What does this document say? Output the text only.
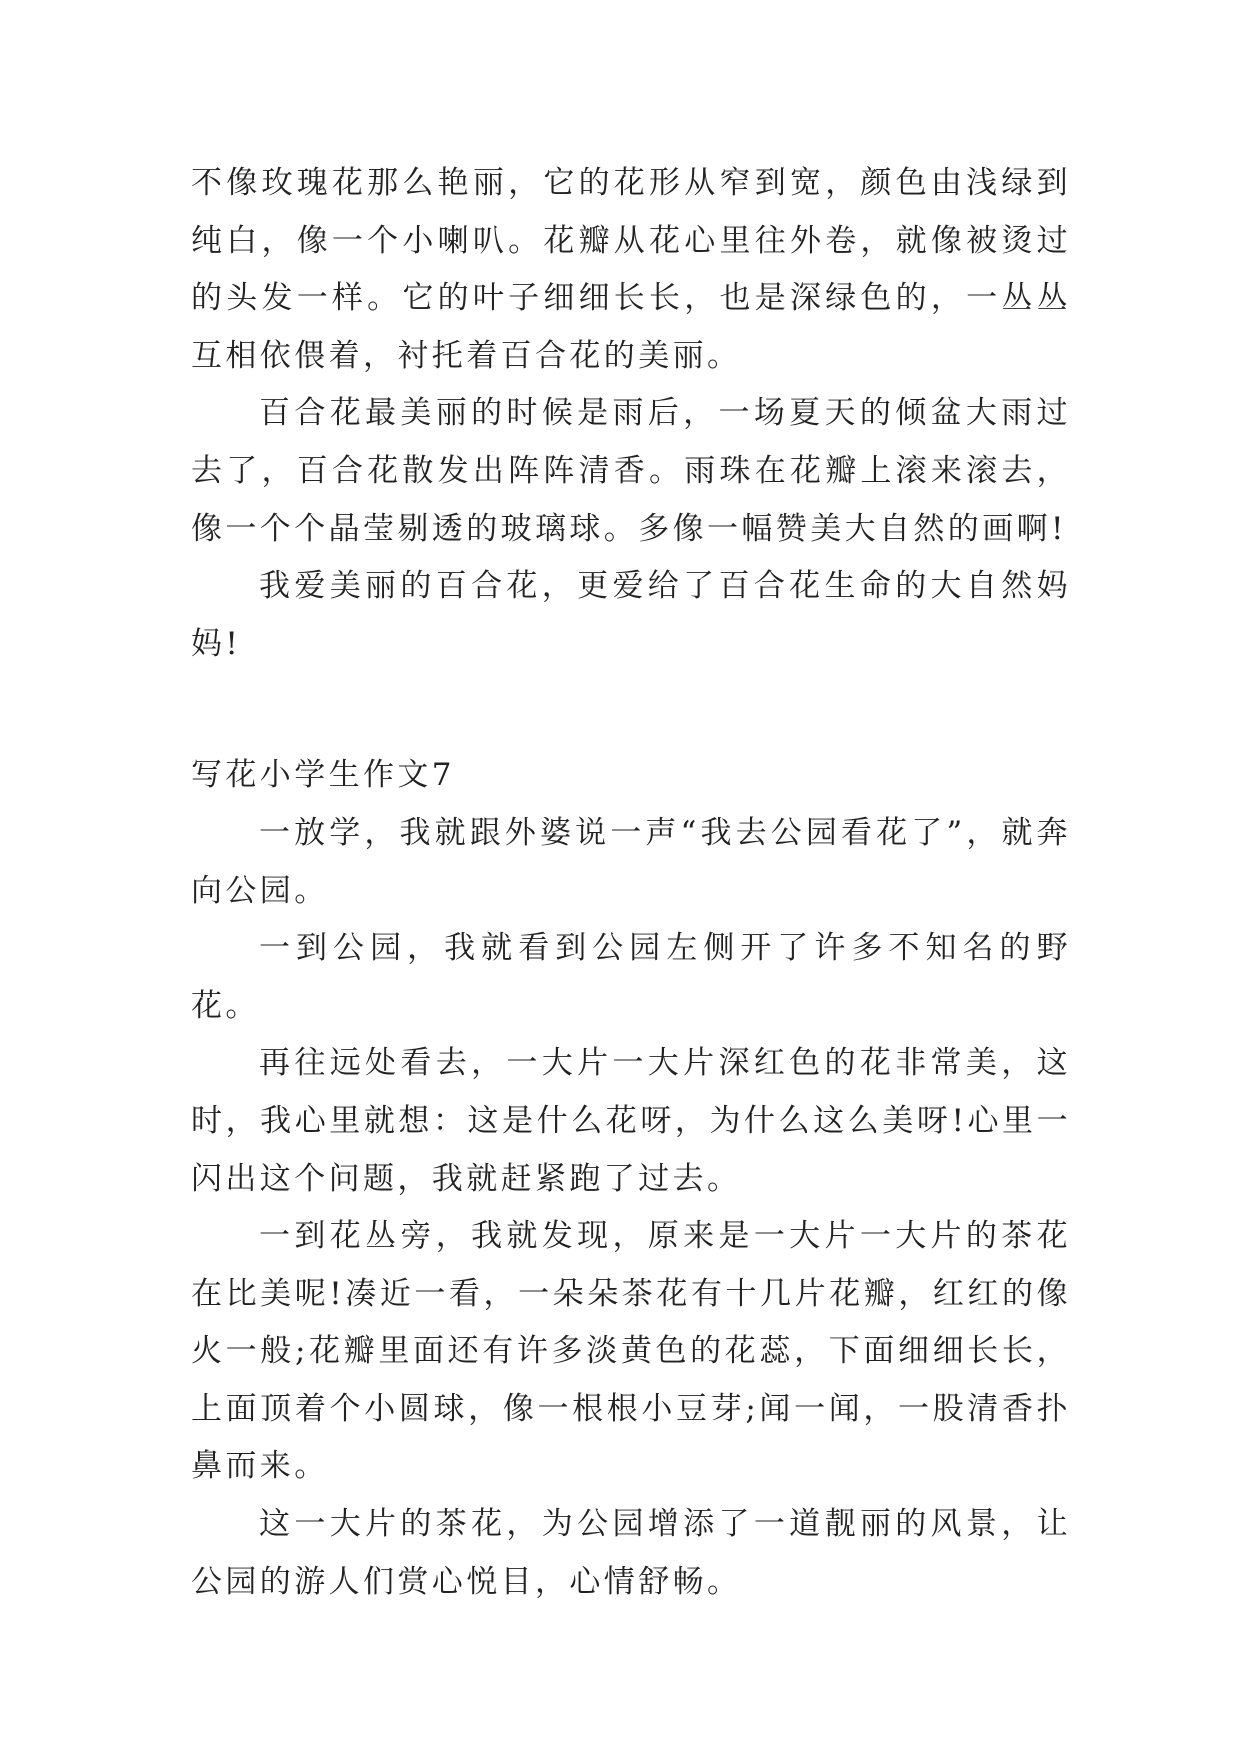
不像玫瑰花那么艳丽，它的花形从窄到宽，颜色由浅绿到纯白，像一个小喇叭。花瓣从花心里往外卷，就像被烫过的头发一样。它的叶子细细长长，也是深绿色的，一丛丛互相依偎着，衬托着百合花的美丽。

百合花最美丽的时候是雨后，一场夏天的倾盆大雨过去了，百合花散发出阵阵清香。雨珠在花瓣上滚来滚去，像一个个晶莹剔透的玻璃球。多像一幅赞美大自然的画啊!

我爱美丽的百合花，更爱给了百合花生命的大自然妈妈!

写花小学生作文7

一放学，我就跟外婆说一声“我去公园看花了”，就奔向公园。

一到公园，我就看到公园左侧开了许多不知名的野花。

再往远处看去，一大片一大片深红色的花非常美，这时，我心里就想：这是什么花呀，为什么这么美呀!心里一闪出这个问题，我就赶紧跑了过去。

一到花丛旁，我就发现，原来是一大片一大片的茶花在比美呢!凑近一看，一朵朵茶花有十几片花瓣，红红的像火一般;花瓣里面还有许多淡黄色的花蕊，下面细细长长，上面顶着个小圆球，像一根根小豆芽;闻一闻，一股清香扑鼻而来。

这一大片的茶花，为公园增添了一道靓丽的风景，让公园的游人们赏心悦目，心情舒畅。
